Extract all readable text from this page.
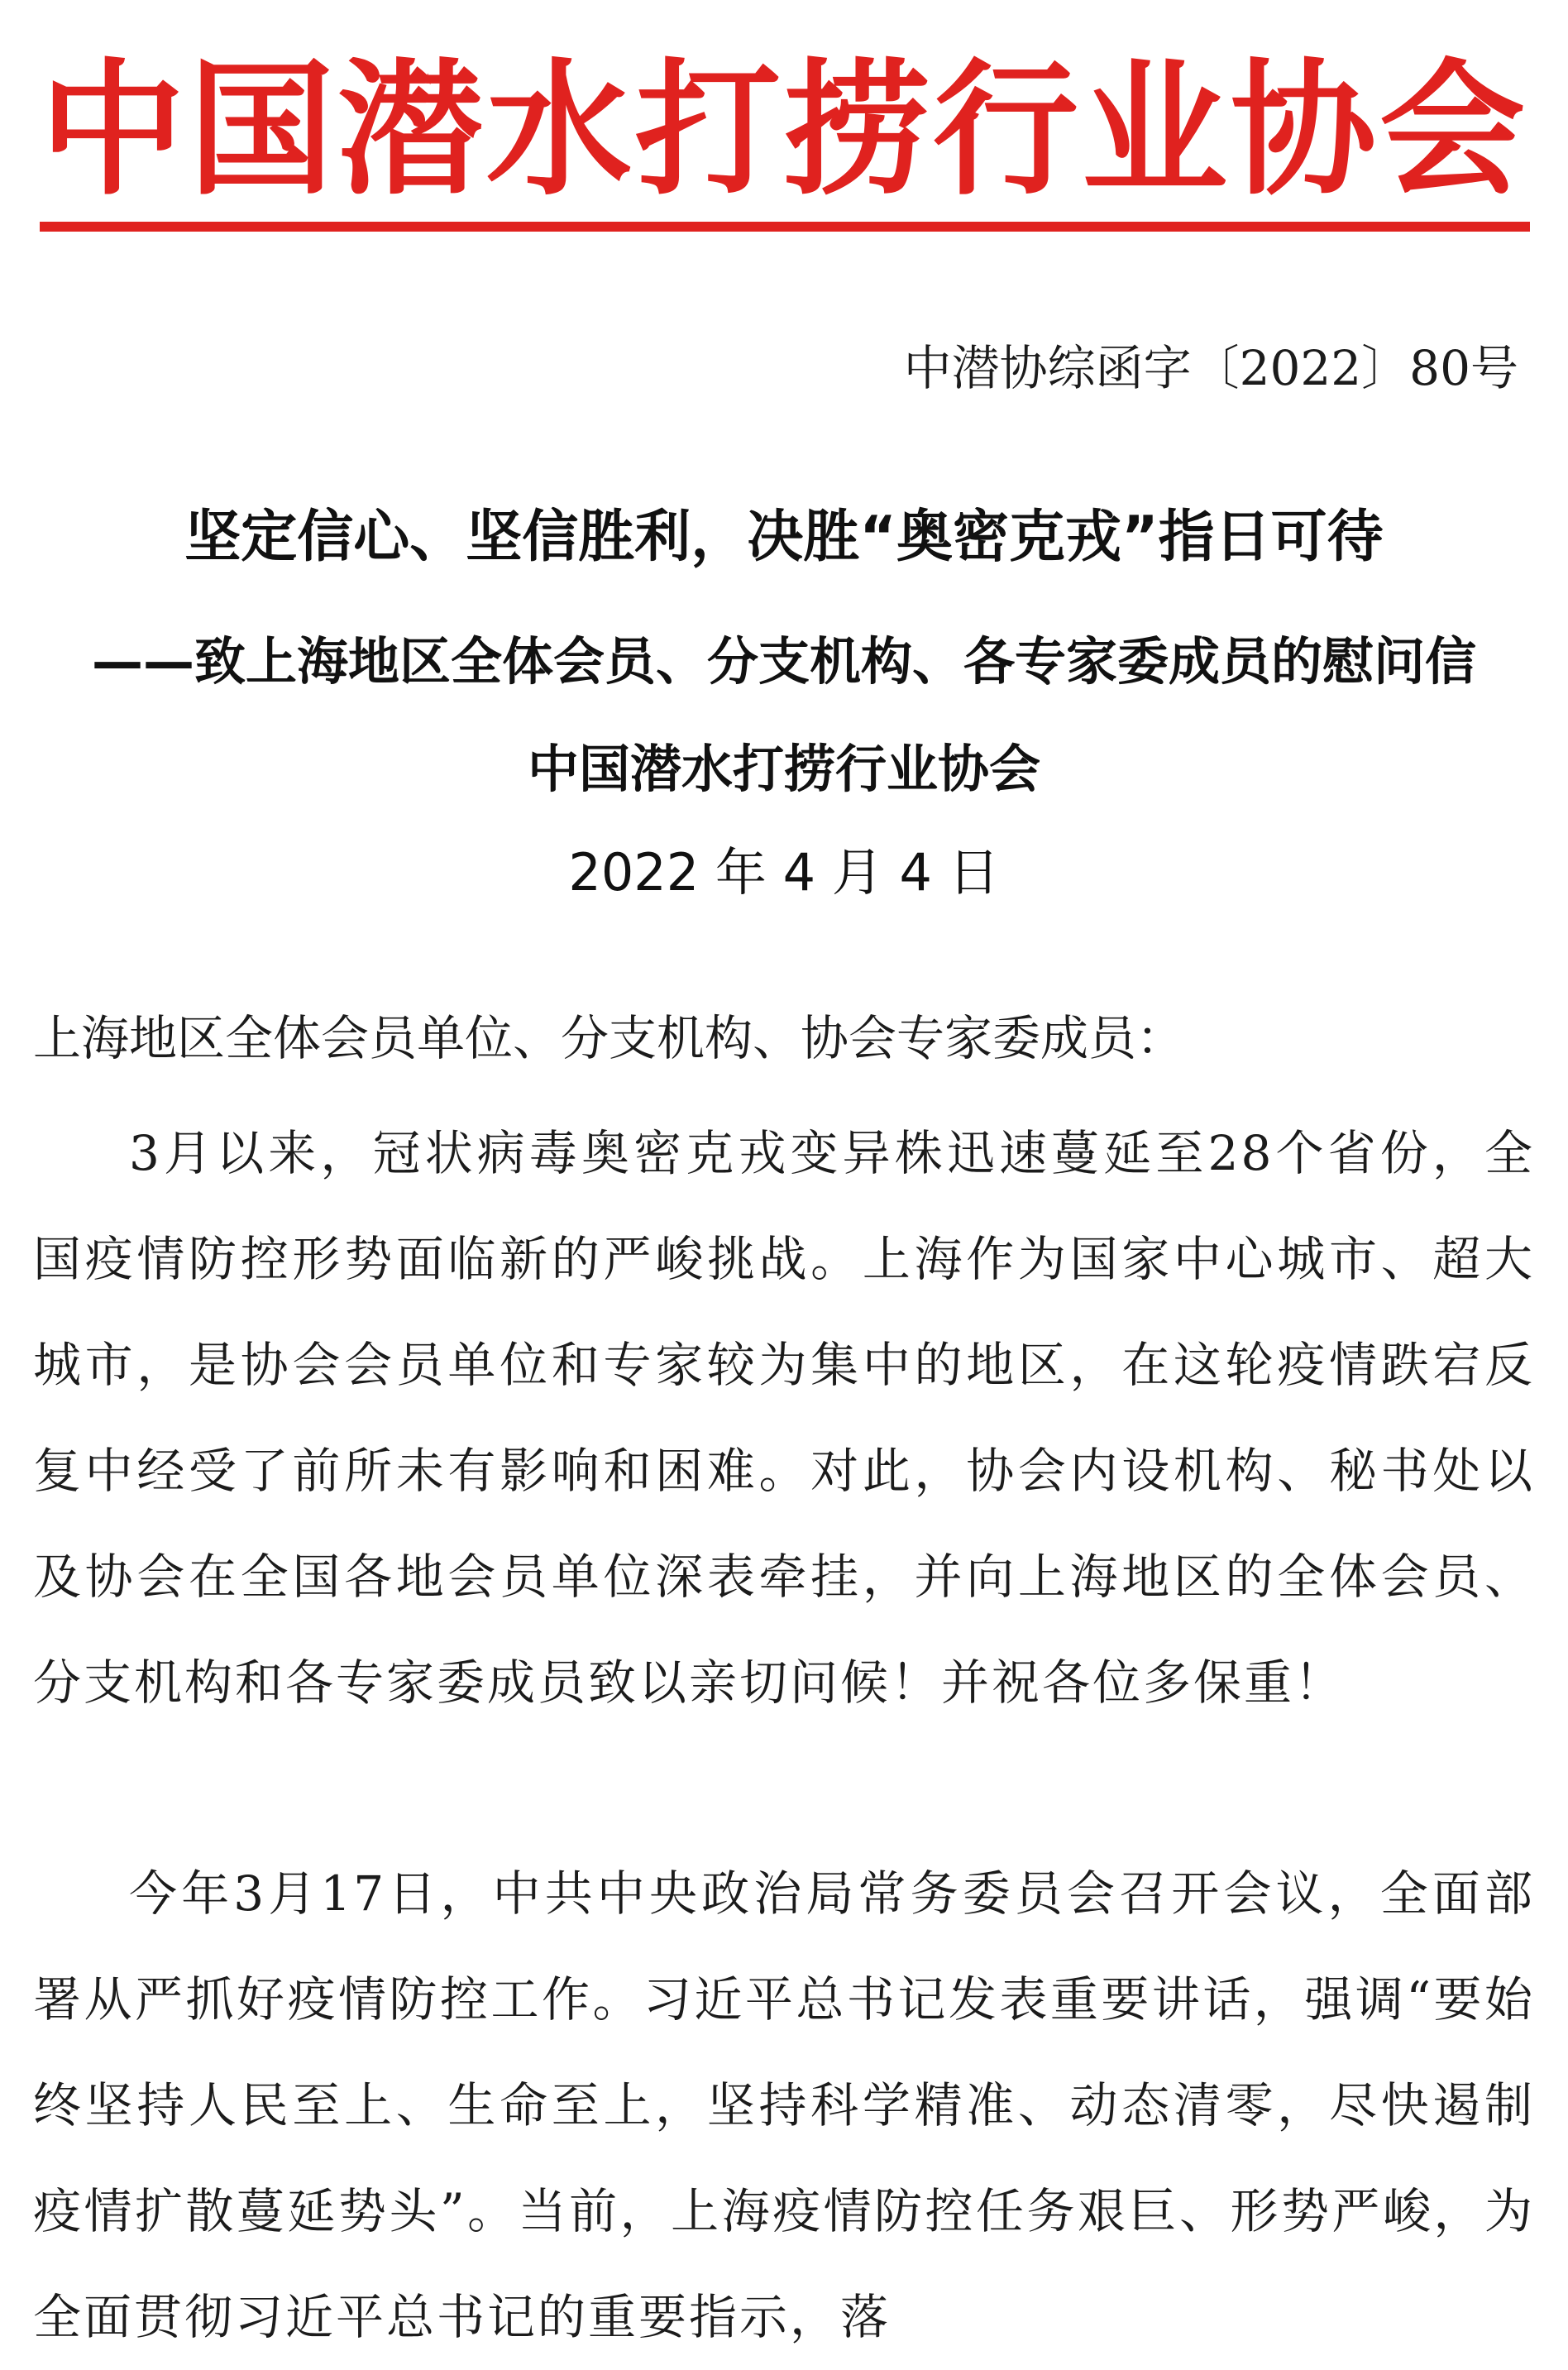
中国潜水打捞行业协会
中潜协综函字〔2022〕80号
坚定信心、坚信胜利，决胜“奥密克戎”指日可待
——致上海地区全体会员、分支机构、各专家委成员的慰问信
中国潜水打捞行业协会
2022 年 4 月 4 日
上海地区全体会员单位、分支机构、协会专家委成员：

3月以来，冠状病毒奥密克戎变异株迅速蔓延至28个省份，全国疫情防控形势面临新的严峻挑战。上海作为国家中心城市、超大城市，是协会会员单位和专家较为集中的地区，在这轮疫情跌宕反复中经受了前所未有影响和困难。对此，协会内设机构、秘书处以及协会在全国各地会员单位深表牵挂，并向上海地区的全体会员、分支机构和各专家委成员致以亲切问候！并祝各位多保重！

今年3月17日，中共中央政治局常务委员会召开会议，全面部署从严抓好疫情防控工作。习近平总书记发表重要讲话，强调“要始终坚持人民至上、生命至上，坚持科学精准、动态清零，尽快遏制疫情扩散蔓延势头”。当前，上海疫情防控任务艰巨、形势严峻，为全面贯彻习近平总书记的重要指示，落
